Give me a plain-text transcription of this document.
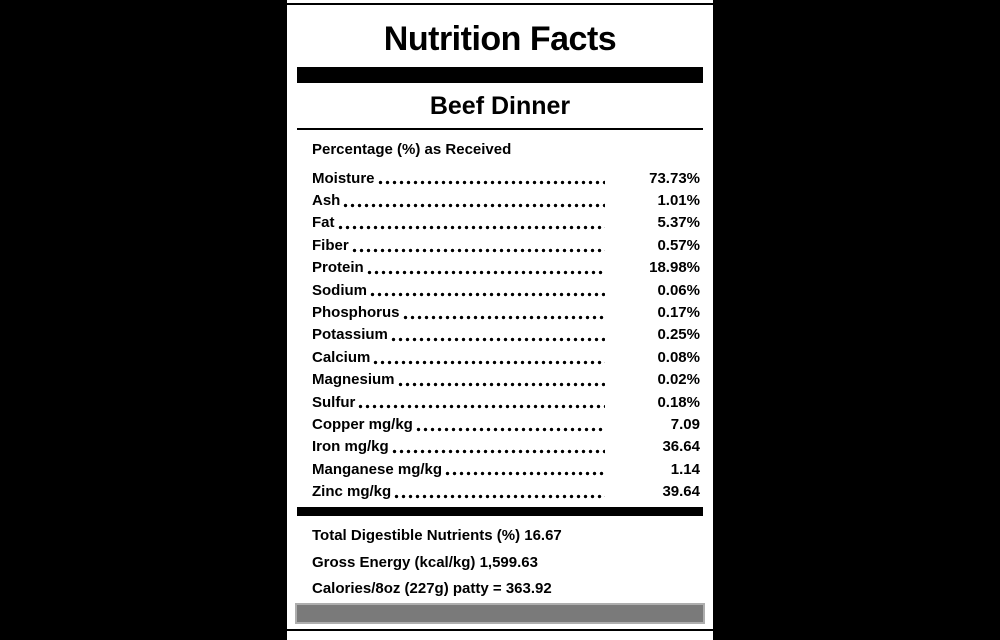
Nutrition Facts
Beef Dinner
Percentage (%) as Received
Moisture	73.73%
Ash	1.01%
Fat	5.37%
Fiber	0.57%
Protein	18.98%
Sodium	0.06%
Phosphorus	0.17%
Potassium	0.25%
Calcium	0.08%
Magnesium	0.02%
Sulfur	0.18%
Copper mg/kg	7.09
Iron mg/kg	36.64
Manganese mg/kg	1.14
Zinc mg/kg	39.64
Total Digestible Nutrients (%) 16.67
Gross Energy (kcal/kg) 1,599.63
Calories/8oz (227g) patty = 363.92
